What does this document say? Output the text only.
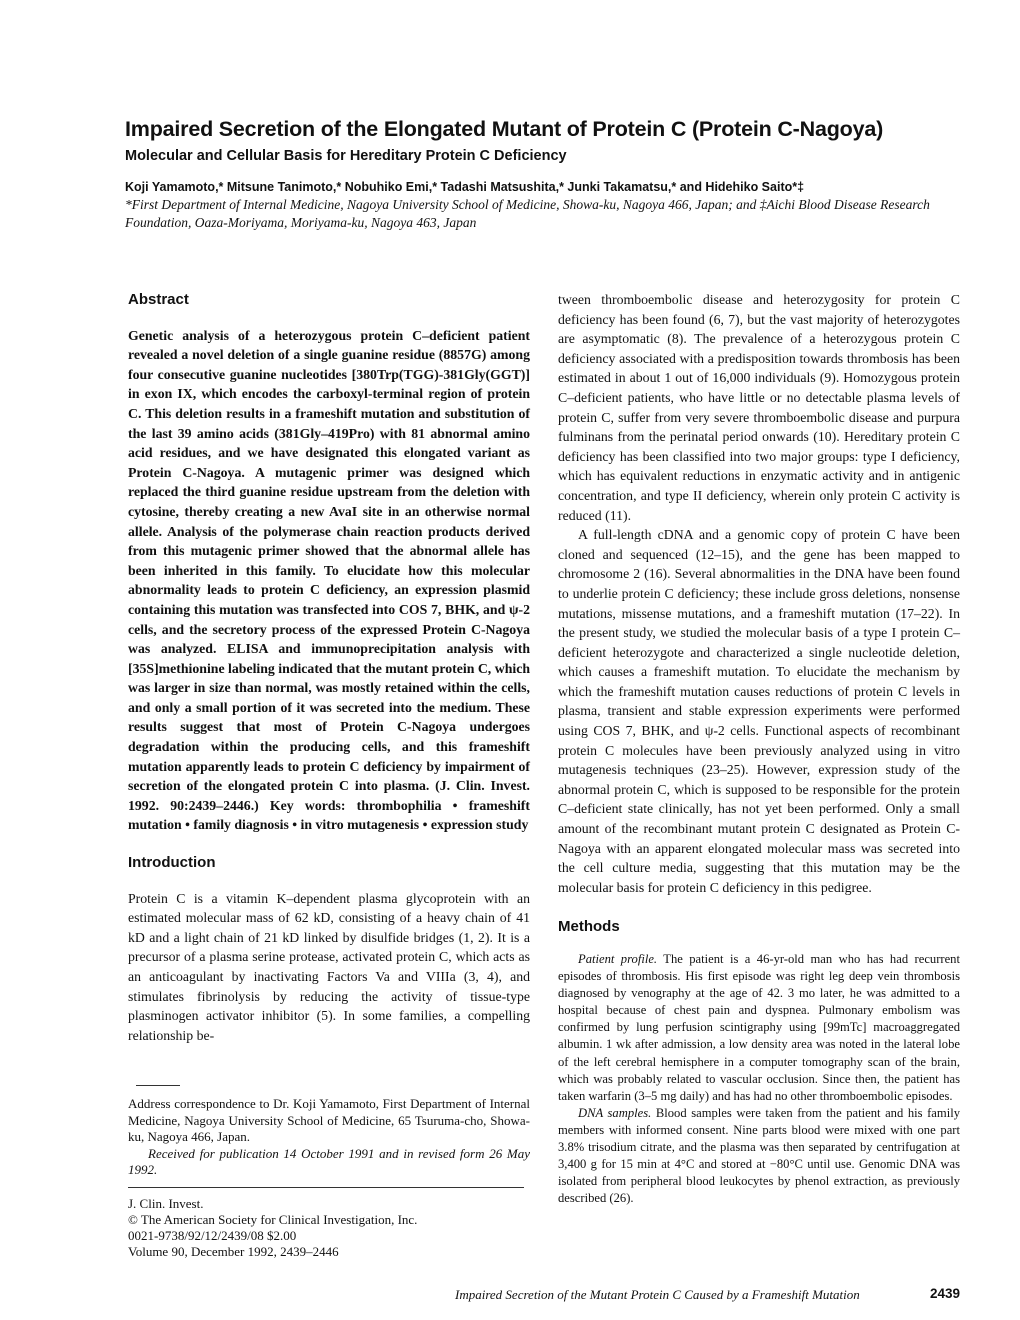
Impaired Secretion of the Elongated Mutant of Protein C (Protein C-Nagoya)
Molecular and Cellular Basis for Hereditary Protein C Deficiency
Koji Yamamoto,* Mitsune Tanimoto,* Nobuhiko Emi,* Tadashi Matsushita,* Junki Takamatsu,* and Hidehiko Saito*‡
*First Department of Internal Medicine, Nagoya University School of Medicine, Showa-ku, Nagoya 466, Japan; and ‡Aichi Blood Disease Research Foundation, Oaza-Moriyama, Moriyama-ku, Nagoya 463, Japan
Abstract

Genetic analysis of a heterozygous protein C–deficient patient revealed a novel deletion of a single guanine residue (8857G) among four consecutive guanine nucleotides [380Trp(TGG)-381Gly(GGT)] in exon IX, which encodes the carboxyl-terminal region of protein C. This deletion results in a frameshift mutation and substitution of the last 39 amino acids (381Gly–419Pro) with 81 abnormal amino acid residues, and we have designated this elongated variant as Protein C-Nagoya. A mutagenic primer was designed which replaced the third guanine residue upstream from the deletion with cytosine, thereby creating a new AvaI site in an otherwise normal allele. Analysis of the polymerase chain reaction products derived from this mutagenic primer showed that the abnormal allele has been inherited in this family. To elucidate how this molecular abnormality leads to protein C deficiency, an expression plasmid containing this mutation was transfected into COS 7, BHK, and ψ-2 cells, and the secretory process of the expressed Protein C-Nagoya was analyzed. ELISA and immunoprecipitation analysis with [35S]methionine labeling indicated that the mutant protein C, which was larger in size than normal, was mostly retained within the cells, and only a small portion of it was secreted into the medium. These results suggest that most of Protein C-Nagoya undergoes degradation within the producing cells, and this frameshift mutation apparently leads to protein C deficiency by impairment of secretion of the elongated protein C into plasma. (J. Clin. Invest. 1992. 90:2439–2446.) Key words: thrombophilia • frameshift mutation • family diagnosis • in vitro mutagenesis • expression study

Introduction

Protein C is a vitamin K–dependent plasma glycoprotein with an estimated molecular mass of 62 kD, consisting of a heavy chain of 41 kD and a light chain of 21 kD linked by disulfide bridges (1, 2). It is a precursor of a plasma serine protease, activated protein C, which acts as an anticoagulant by inactivating Factors Va and VIIIa (3, 4), and stimulates fibrinolysis by reducing the activity of tissue-type plasminogen activator inhibitor (5). In some families, a compelling relationship be-

Address correspondence to Dr. Koji Yamamoto, First Department of Internal Medicine, Nagoya University School of Medicine, 65 Tsuruma-cho, Showa-ku, Nagoya 466, Japan.

Received for publication 14 October 1991 and in revised form 26 May 1992.

J. Clin. Invest.

© The American Society for Clinical Investigation, Inc.

0021-9738/92/12/2439/08 $2.00

Volume 90, December 1992, 2439–2446

tween thromboembolic disease and heterozygosity for protein C deficiency has been found (6, 7), but the vast majority of heterozygotes are asymptomatic (8). The prevalence of a heterozygous protein C deficiency associated with a predisposition towards thrombosis has been estimated in about 1 out of 16,000 individuals (9). Homozygous protein C–deficient patients, who have little or no detectable plasma levels of protein C, suffer from very severe thromboembolic disease and purpura fulminans from the perinatal period onwards (10). Hereditary protein C deficiency has been classified into two major groups: type I deficiency, which has equivalent reductions in enzymatic activity and in antigenic concentration, and type II deficiency, wherein only protein C activity is reduced (11).

A full-length cDNA and a genomic copy of protein C have been cloned and sequenced (12–15), and the gene has been mapped to chromosome 2 (16). Several abnormalities in the DNA have been found to underlie protein C deficiency; these include gross deletions, nonsense mutations, missense mutations, and a frameshift mutation (17–22). In the present study, we studied the molecular basis of a type I protein C–deficient heterozygote and characterized a single nucleotide deletion, which causes a frameshift mutation. To elucidate the mechanism by which the frameshift mutation causes reductions of protein C levels in plasma, transient and stable expression experiments were performed using COS 7, BHK, and ψ-2 cells. Functional aspects of recombinant protein C molecules have been previously analyzed using in vitro mutagenesis techniques (23–25). However, expression study of the abnormal protein C, which is supposed to be responsible for the protein C–deficient state clinically, has not yet been performed. Only a small amount of the recombinant mutant protein C designated as Protein C-Nagoya with an apparent elongated molecular mass was secreted into the cell culture media, suggesting that this mutation may be the molecular basis for protein C deficiency in this pedigree.

Methods

Patient profile. The patient is a 46-yr-old man who has had recurrent episodes of thrombosis. His first episode was right leg deep vein thrombosis diagnosed by venography at the age of 42. 3 mo later, he was admitted to a hospital because of chest pain and dyspnea. Pulmonary embolism was confirmed by lung perfusion scintigraphy using [99mTc] macroaggregated albumin. 1 wk after admission, a low density area was noted in the lateral lobe of the left cerebral hemisphere in a computer tomography scan of the brain, which was probably related to vascular occlusion. Since then, the patient has taken warfarin (3–5 mg daily) and has had no other thromboembolic episodes.

DNA samples. Blood samples were taken from the patient and his family members with informed consent. Nine parts blood were mixed with one part 3.8% trisodium citrate, and the plasma was then separated by centrifugation at 3,400 g for 15 min at 4°C and stored at −80°C until use. Genomic DNA was isolated from peripheral blood leukocytes by phenol extraction, as previously described (26).

Impaired Secretion of the Mutant Protein C Caused by a Frameshift Mutation	2439
